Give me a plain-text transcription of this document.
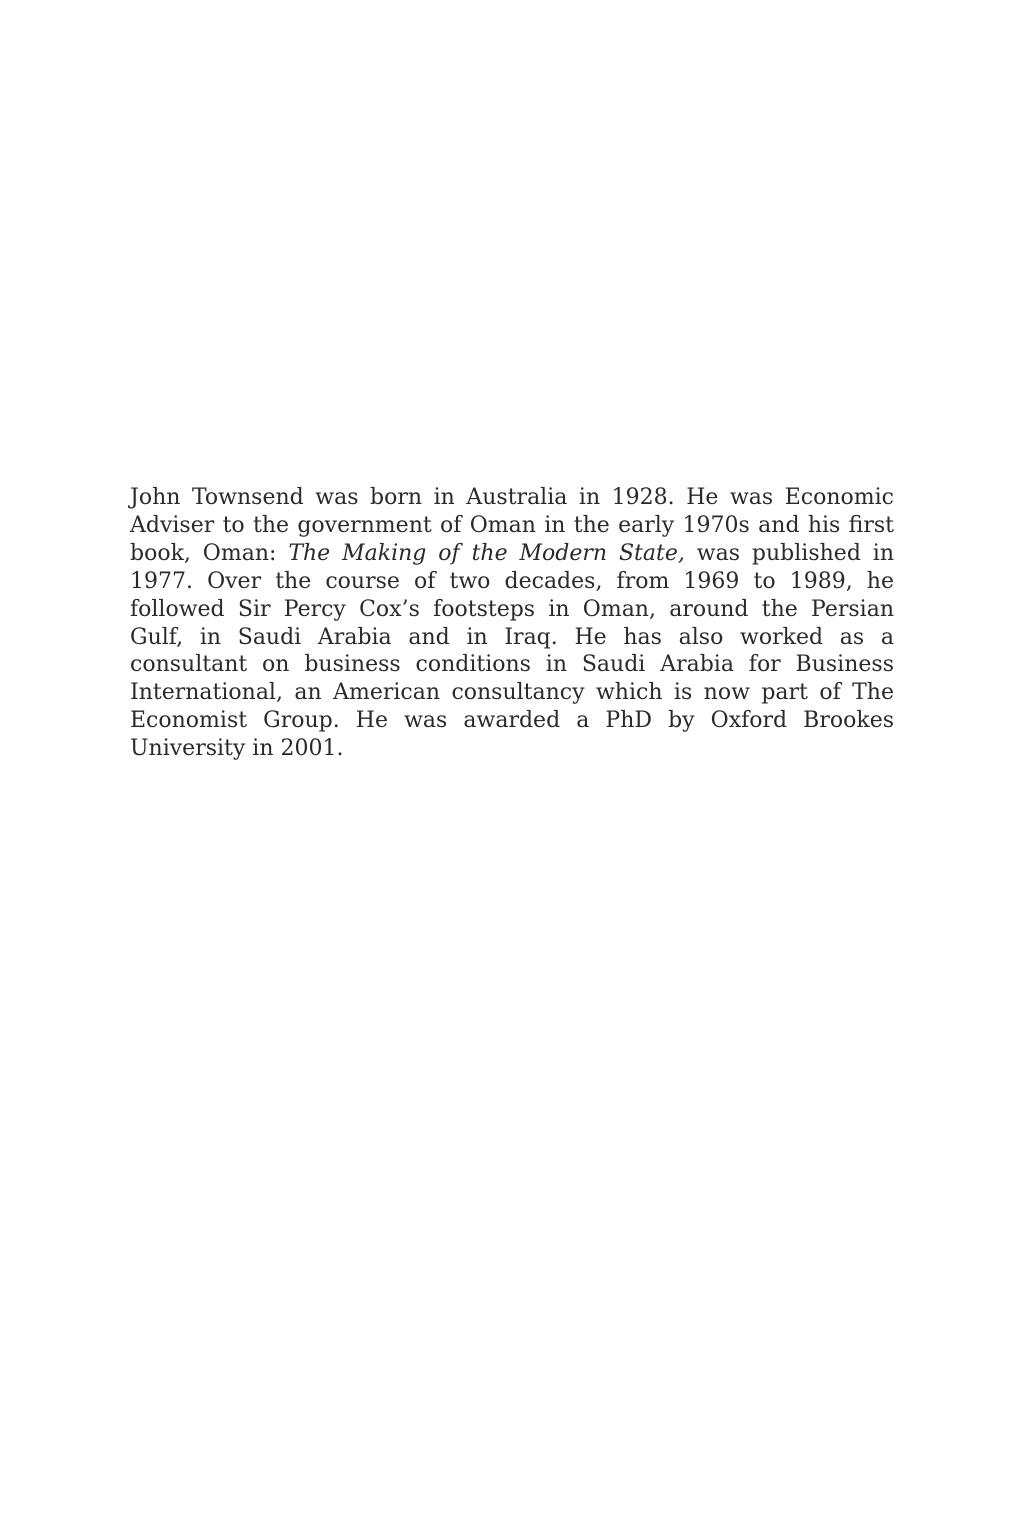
John Townsend was born in Australia in 1928. He was Economic Adviser to the government of Oman in the early 1970s and his first book, Oman: The Making of the Modern State, was published in 1977. Over the course of two decades, from 1969 to 1989, he followed Sir Percy Cox’s footsteps in Oman, around the Persian Gulf, in Saudi Arabia and in Iraq. He has also worked as a consultant on business conditions in Saudi Arabia for Business International, an American consultancy which is now part of The Economist Group. He was awarded a PhD by Oxford Brookes University in 2001.
